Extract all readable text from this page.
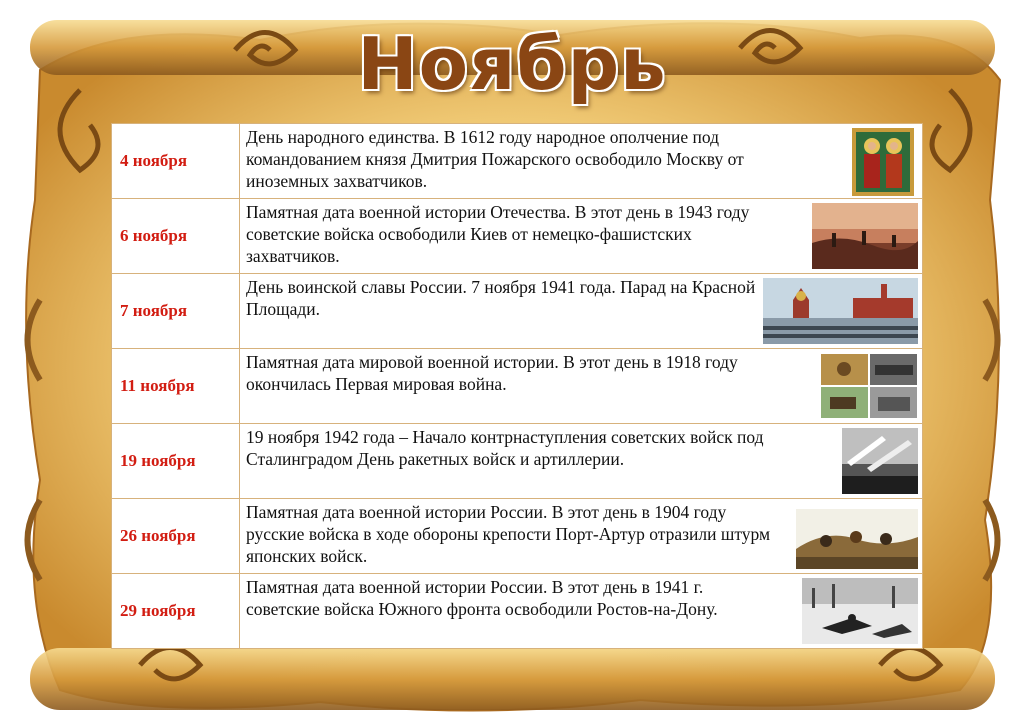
Ноябрь
4 ноября	День народного единства. В 1612 году народное ополчение под командованием князя Дмитрия Пожарского освободило Москву от иноземных захватчиков.

6 ноября	Памятная дата военной истории Отечества. В этот день в 1943 году советские войска освободили Киев от немецко-фашистских захватчиков.

7 ноября	День воинской славы России. 7 ноября 1941 года. Парад на Красной Площади.

11 ноября	Памятная дата мировой военной истории. В этот день в 1918 году окончилась Первая мировая война.

19 ноября	19 ноября 1942 года – Начало контрнаступления советских войск под Сталинградом День ракетных войск и артиллерии.

26 ноября	Памятная дата военной истории России. В этот день в 1904 году русские войска в ходе обороны крепости Порт-Артур отразили штурм японских войск.

29 ноября	Памятная дата военной истории России. В этот день в 1941 г. советские войска Южного фронта освободили Ростов-на-Дону.
